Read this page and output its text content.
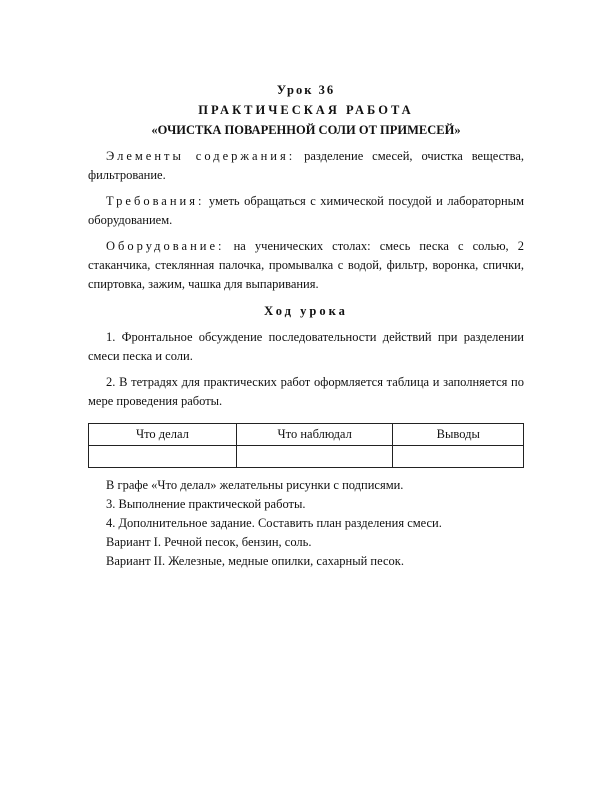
Урок 36

ПРАКТИЧЕСКАЯ РАБОТА

«ОЧИСТКА ПОВАРЕННОЙ СОЛИ ОТ ПРИМЕСЕЙ»

Элементы содержания: разделение смесей, очистка вещества, фильтрование.

Требования: уметь обращаться с химической посудой и лабораторным оборудованием.

Оборудование: на ученических столах: смесь песка с солью, 2 стаканчика, стеклянная палочка, промывалка с водой, фильтр, воронка, спички, спиртовка, зажим, чашка для выпаривания.

Ход урока

1. Фронтальное обсуждение последовательности действий при разделении смеси песка и соли.

2. В тетрадях для практических работ оформляется таблица и заполняется по мере проведения работы.

Что делал	Что наблюдал	Выводы

В графе «Что делал» желательны рисунки с подписями.

3. Выполнение практической работы.

4. Дополнительное задание. Составить план разделения смеси.

Вариант I. Речной песок, бензин, соль.

Вариант II. Железные, медные опилки, сахарный песок.
